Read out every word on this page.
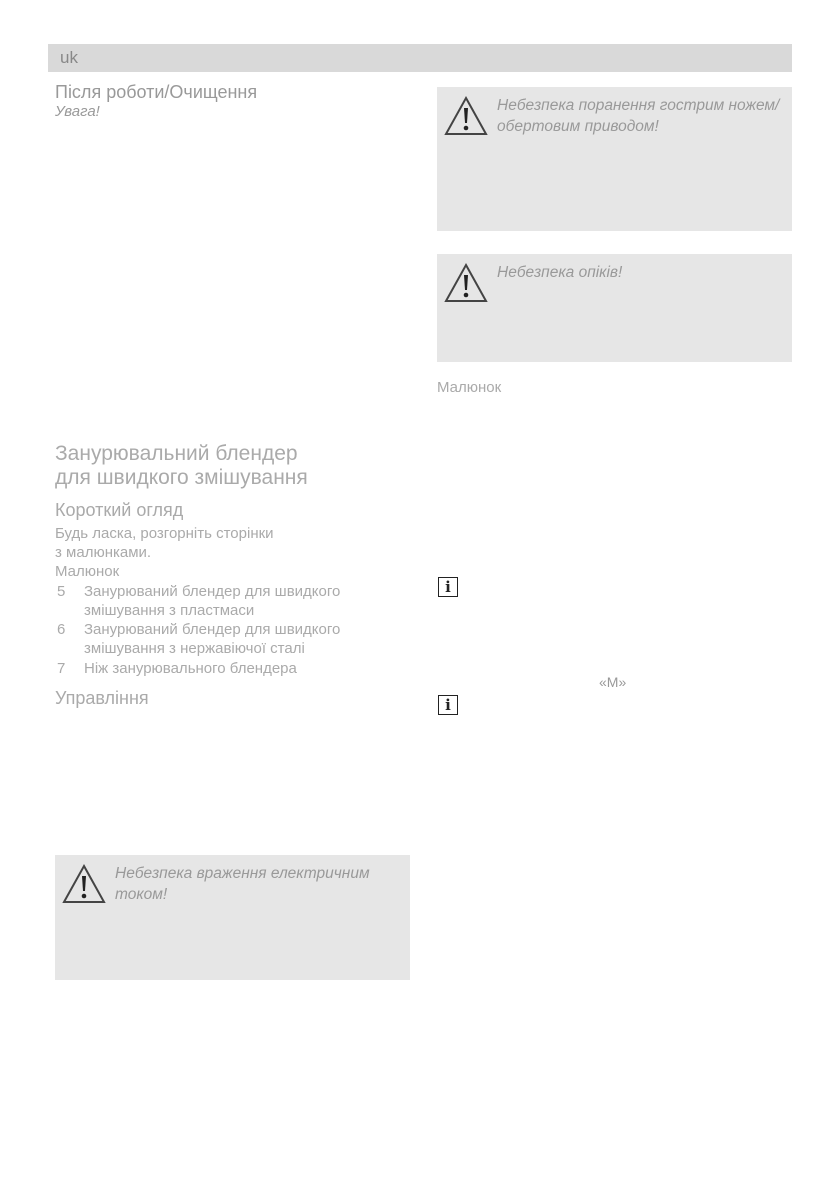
uk
Після роботи/Очищення
Увага!
Занурювальний блендер
для швидкого змішування
Короткий огляд
Будь ласка, розгорніть сторінки
з малюнками.
Малюнок
5 Занурюваний блендер для швидкого
змішування з пластмаси
6 Занурюваний блендер для швидкого
змішування з нержавіючої сталі
7 Ніж занурювального блендера
Управління
Небезпека враження електричним током!
Небезпека поранення гострим ножем/обертовим приводом!
Небезпека опіків!
Малюнок
i
«M»
i
